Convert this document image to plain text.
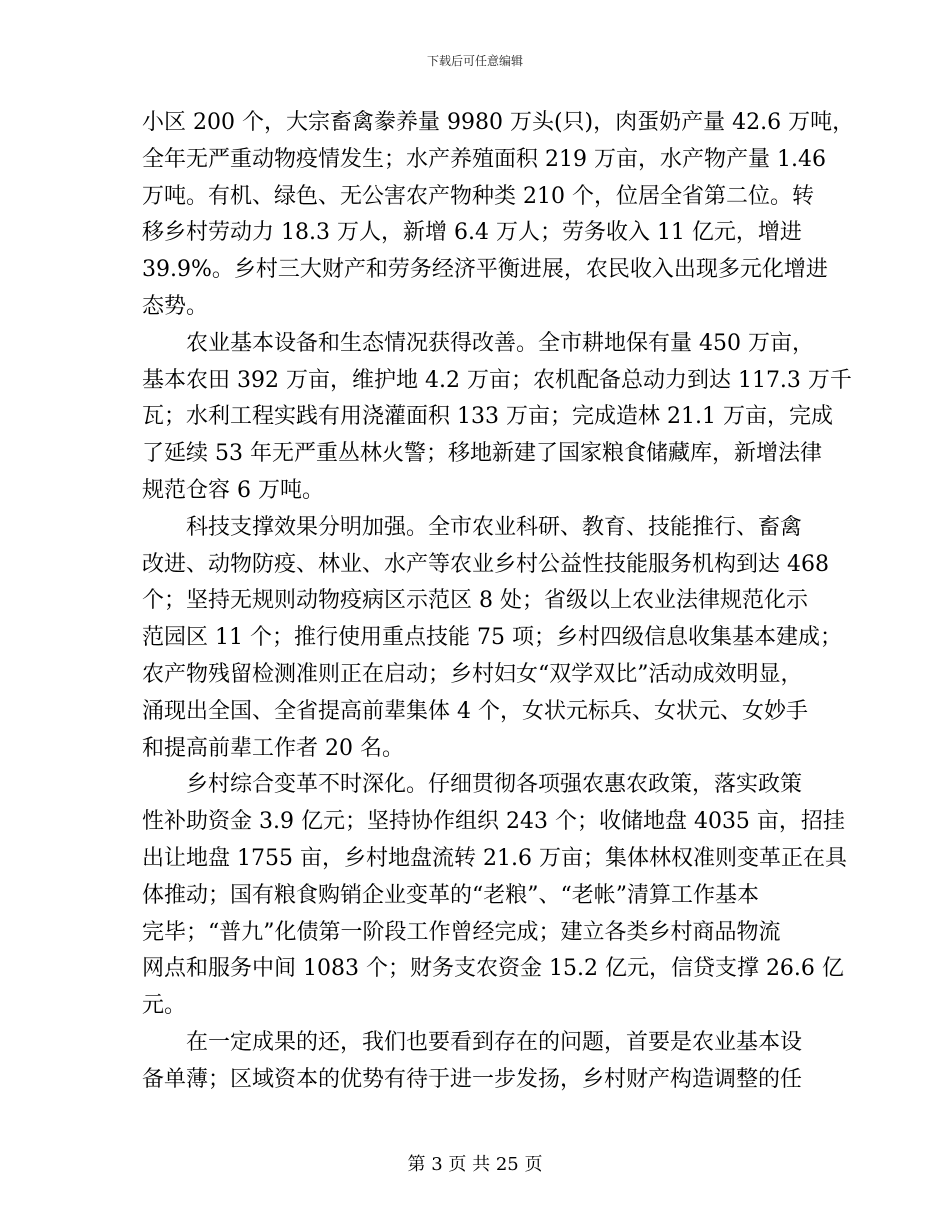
下载后可任意编辑
小区 200 个，大宗畜禽豢养量 9980 万头(只)，肉蛋奶产量 42.6 万吨，
全年无严重动物疫情发生；水产养殖面积 219 万亩，水产物产量 1.46
万吨。有机、绿色、无公害农产物种类 210 个，位居全省第二位。转
移乡村劳动力 18.3 万人，新增 6.4 万人；劳务收入 11 亿元，增进
39.9%。乡村三大财产和劳务经济平衡进展，农民收入出现多元化增进
态势。
农业基本设备和生态情况获得改善。全市耕地保有量 450 万亩，
基本农田 392 万亩，维护地 4.2 万亩；农机配备总动力到达 117.3 万千
瓦；水利工程实践有用浇灌面积 133 万亩；完成造林 21.1 万亩，完成
了延续 53 年无严重丛林火警；移地新建了国家粮食储藏库，新增法律
规范仓容 6 万吨。
科技支撑效果分明加强。全市农业科研、教育、技能推行、畜禽
改进、动物防疫、林业、水产等农业乡村公益性技能服务机构到达 468
个；坚持无规则动物疫病区示范区 8 处；省级以上农业法律规范化示
范园区 11 个；推行使用重点技能 75 项；乡村四级信息收集基本建成；
农产物残留检测准则正在启动；乡村妇女“双学双比”活动成效明显，
涌现出全国、全省提高前辈集体 4 个，女状元标兵、女状元、女妙手
和提高前辈工作者 20 名。
乡村综合变革不时深化。仔细贯彻各项强农惠农政策，落实政策
性补助资金 3.9 亿元；坚持协作组织 243 个；收储地盘 4035 亩，招挂
出让地盘 1755 亩，乡村地盘流转 21.6 万亩；集体林权准则变革正在具
体推动；国有粮食购销企业变革的“老粮”、“老帐”清算工作基本
完毕；“普九”化债第一阶段工作曾经完成；建立各类乡村商品物流
网点和服务中间 1083 个；财务支农资金 15.2 亿元，信贷支撑 26.6 亿
元。
在一定成果的还，我们也要看到存在的问题，首要是农业基本设
备单薄；区域资本的优势有待于进一步发扬，乡村财产构造调整的任
第 3 页 共 25 页
